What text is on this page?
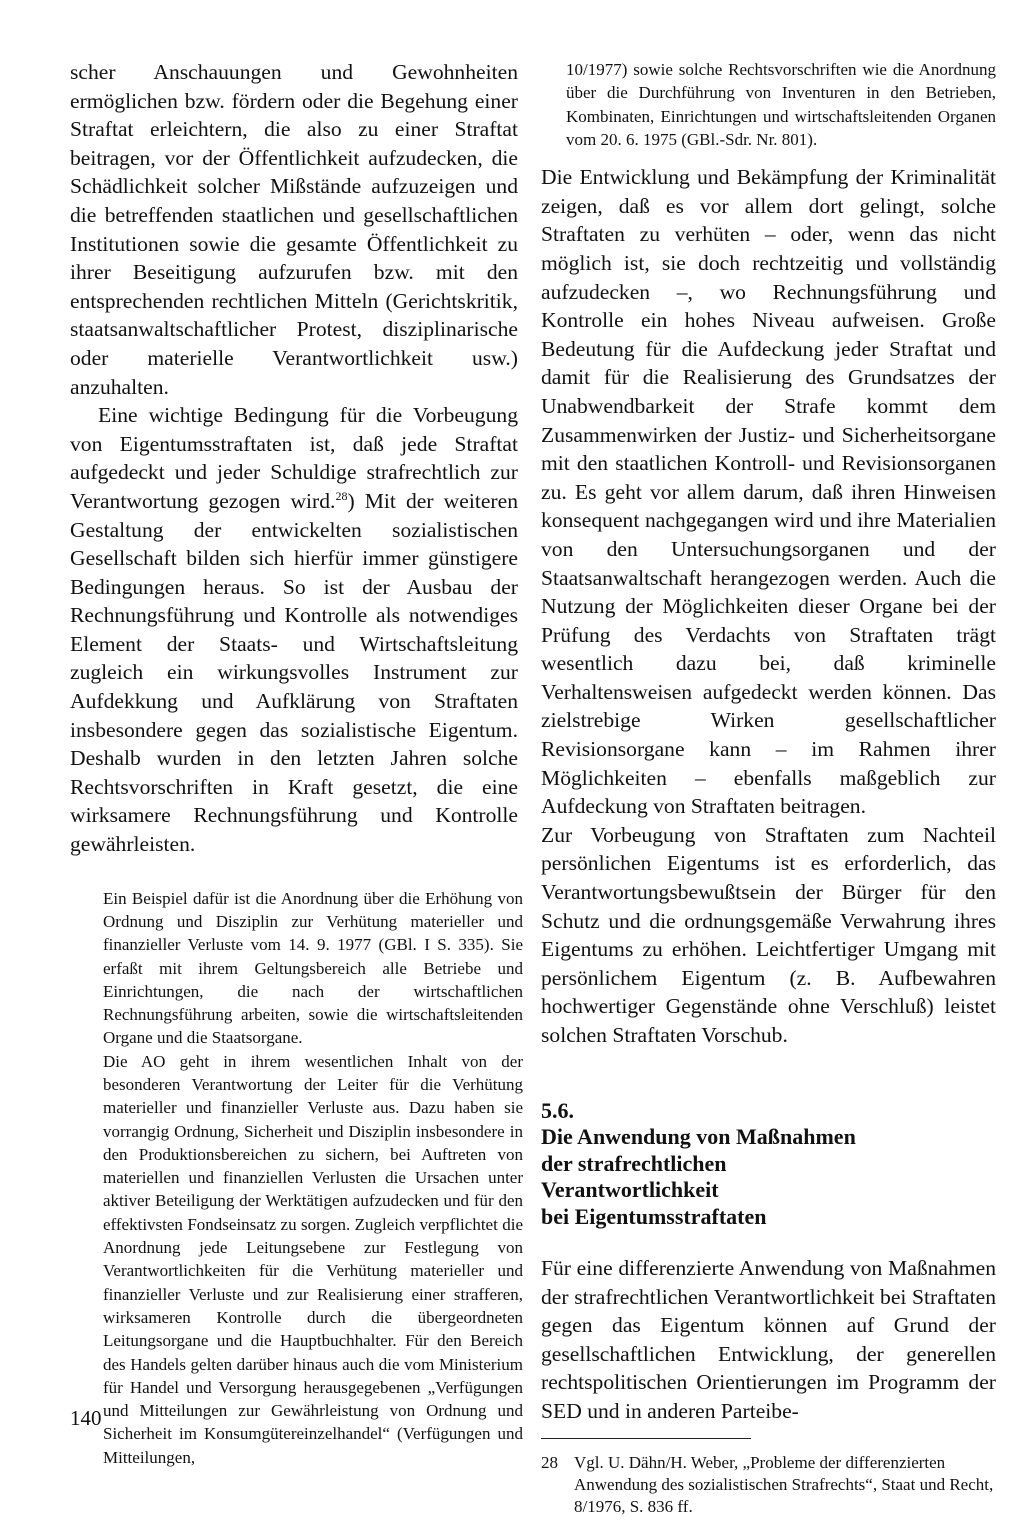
scher Anschauungen und Gewohnheiten ermöglichen bzw. fördern oder die Begehung einer Straftat erleichtern, die also zu einer Straftat beitragen, vor der Öffentlichkeit aufzudecken, die Schädlichkeit solcher Mißstände aufzuzeigen und die betreffenden staatlichen und gesellschaftlichen Institutionen sowie die gesamte Öffentlichkeit zu ihrer Beseitigung aufzurufen bzw. mit den entsprechenden rechtlichen Mitteln (Gerichtskritik, staatsanwaltschaftlicher Protest, disziplinarische oder materielle Verantwortlichkeit usw.) anzuhalten.

Eine wichtige Bedingung für die Vorbeugung von Eigentumsstraftaten ist, daß jede Straftat aufgedeckt und jeder Schuldige strafrechtlich zur Verantwortung gezogen wird.$^{28}$) Mit der weiteren Gestaltung der entwickelten sozialistischen Gesellschaft bilden sich hierfür immer günstigere Bedingungen heraus. So ist der Ausbau der Rechnungsführung und Kontrolle als notwendiges Element der Staats- und Wirtschaftsleitung zugleich ein wirkungsvolles Instrument zur Aufdekkung und Aufklärung von Straftaten insbesondere gegen das sozialistische Eigentum. Deshalb wurden in den letzten Jahren solche Rechtsvorschriften in Kraft gesetzt, die eine wirksamere Rechnungsführung und Kontrolle gewährleisten.

Ein Beispiel dafür ist die Anordnung über die Erhöhung von Ordnung und Disziplin zur Verhütung materieller und finanzieller Verluste vom 14. 9. 1977 (GBl. I S. 335). Sie erfaßt mit ihrem Geltungsbereich alle Betriebe und Einrichtungen, die nach der wirtschaftlichen Rechnungsführung arbeiten, sowie die wirtschaftsleitenden Organe und die Staatsorgane.

Die AO geht in ihrem wesentlichen Inhalt von der besonderen Verantwortung der Leiter für die Verhütung materieller und finanzieller Verluste aus. Dazu haben sie vorrangig Ordnung, Sicherheit und Disziplin insbesondere in den Produktionsbereichen zu sichern, bei Auftreten von materiellen und finanziellen Verlusten die Ursachen unter aktiver Beteiligung der Werktätigen aufzudecken und für den effektivsten Fondseinsatz zu sorgen. Zugleich verpflichtet die Anordnung jede Leitungsebene zur Festlegung von Verantwortlichkeiten für die Verhütung materieller und finanzieller Verluste und zur Realisierung einer strafferen, wirksameren Kontrolle durch die übergeordneten Leitungsorgane und die Hauptbuchhalter. Für den Bereich des Handels gelten darüber hinaus auch die vom Ministerium für Handel und Versorgung herausgegebenen „Verfügungen und Mitteilungen zur Gewährleistung von Ordnung und Sicherheit im Konsumgütereinzelhandel“ (Verfügungen und Mitteilungen,

10/1977) sowie solche Rechtsvorschriften wie die Anordnung über die Durchführung von Inventuren in den Betrieben, Kombinaten, Einrichtungen und wirtschaftsleitenden Organen vom 20. 6. 1975 (GBl.-Sdr. Nr. 801).

Die Entwicklung und Bekämpfung der Kriminalität zeigen, daß es vor allem dort gelingt, solche Straftaten zu verhüten – oder, wenn das nicht möglich ist, sie doch rechtzeitig und vollständig aufzudecken –, wo Rechnungsführung und Kontrolle ein hohes Niveau aufweisen. Große Bedeutung für die Aufdeckung jeder Straftat und damit für die Realisierung des Grundsatzes der Unabwendbarkeit der Strafe kommt dem Zusammenwirken der Justiz- und Sicherheitsorgane mit den staatlichen Kontroll- und Revisionsorganen zu. Es geht vor allem darum, daß ihren Hinweisen konsequent nachgegangen wird und ihre Materialien von den Untersuchungsorganen und der Staatsanwaltschaft herangezogen werden. Auch die Nutzung der Möglichkeiten dieser Organe bei der Prüfung des Verdachts von Straftaten trägt wesentlich dazu bei, daß kriminelle Verhaltensweisen aufgedeckt werden können. Das zielstrebige Wirken gesellschaftlicher Revisionsorgane kann – im Rahmen ihrer Möglichkeiten – ebenfalls maßgeblich zur Aufdeckung von Straftaten beitragen.

Zur Vorbeugung von Straftaten zum Nachteil persönlichen Eigentums ist es erforderlich, das Verantwortungsbewußtsein der Bürger für den Schutz und die ordnungsgemäße Verwahrung ihres Eigentums zu erhöhen. Leichtfertiger Umgang mit persönlichem Eigentum (z. B. Aufbewahren hochwertiger Gegenstände ohne Verschluß) leistet solchen Straftaten Vorschub.

5.6.
Die Anwendung von Maßnahmen
der strafrechtlichen
Verantwortlichkeit
bei Eigentumsstraftaten

Für eine differenzierte Anwendung von Maßnahmen der strafrechtlichen Verantwortlichkeit bei Straftaten gegen das Eigentum können auf Grund der gesellschaftlichen Entwicklung, der generellen rechtspolitischen Orientierungen im Programm der SED und in anderen Parteibe-

28 Vgl. U. Dähn/H. Weber, „Probleme der differenzierten Anwendung des sozialistischen Strafrechts“, Staat und Recht, 8/1976, S. 836 ff.
140
